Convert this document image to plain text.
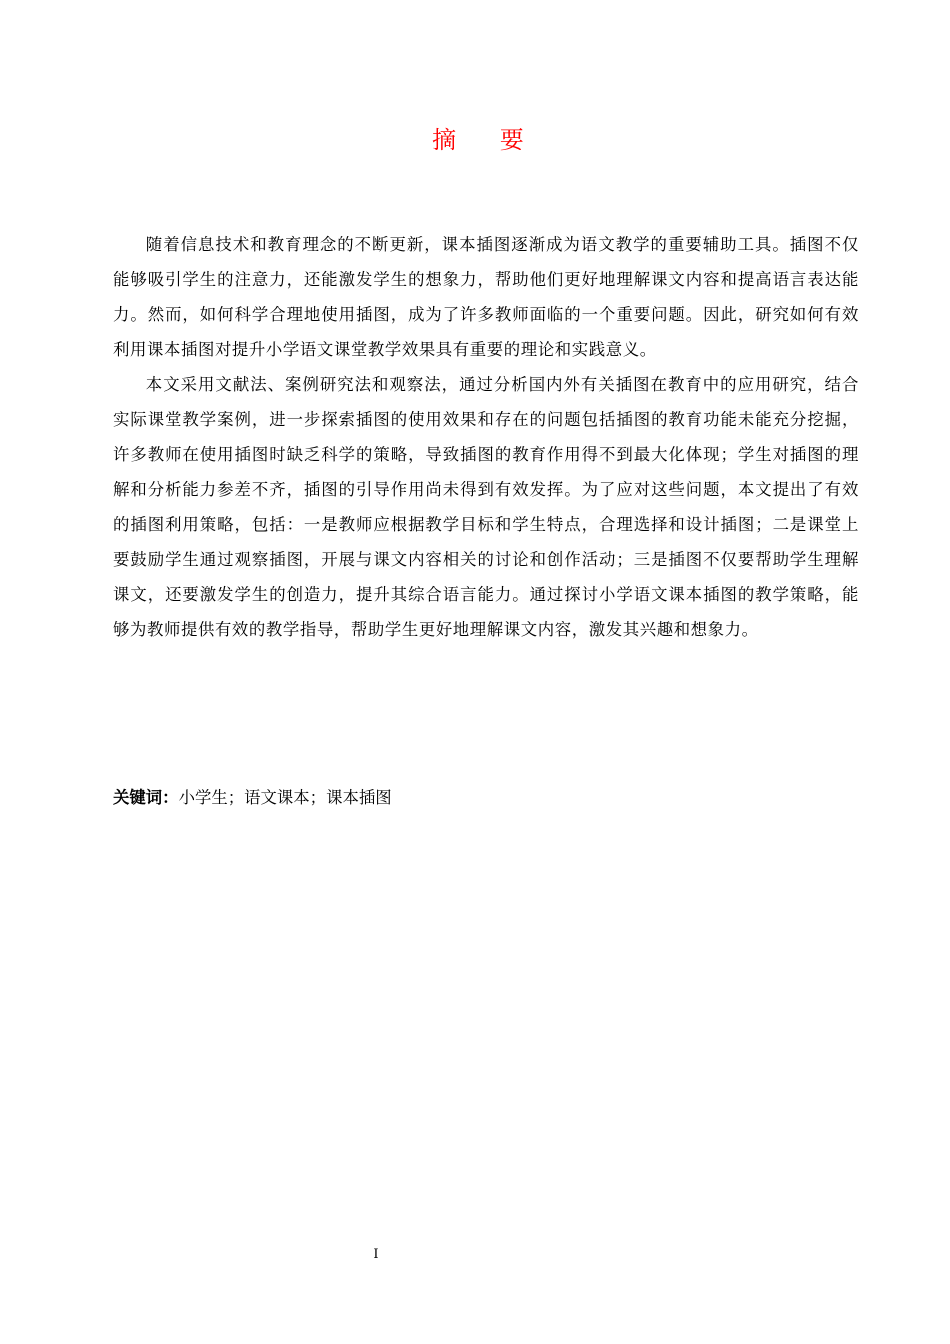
摘 要

随着信息技术和教育理念的不断更新，课本插图逐渐成为语文教学的重要辅助工具。插图不仅能够吸引学生的注意力，还能激发学生的想象力，帮助他们更好地理解课文内容和提高语言表达能力。然而，如何科学合理地使用插图，成为了许多教师面临的一个重要问题。因此，研究如何有效利用课本插图对提升小学语文课堂教学效果具有重要的理论和实践意义。

本文采用文献法、案例研究法和观察法，通过分析国内外有关插图在教育中的应用研究，结合实际课堂教学案例，进一步探索插图的使用效果和存在的问题包括插图的教育功能未能充分挖掘，许多教师在使用插图时缺乏科学的策略，导致插图的教育作用得不到最大化体现；学生对插图的理解和分析能力参差不齐，插图的引导作用尚未得到有效发挥。为了应对这些问题，本文提出了有效的插图利用策略，包括：一是教师应根据教学目标和学生特点，合理选择和设计插图；二是课堂上要鼓励学生通过观察插图，开展与课文内容相关的讨论和创作活动；三是插图不仅要帮助学生理解课文，还要激发学生的创造力，提升其综合语言能力。通过探讨小学语文课本插图的教学策略，能够为教师提供有效的教学指导，帮助学生更好地理解课文内容，激发其兴趣和想象力。

关键词：小学生；语文课本；课本插图
I
